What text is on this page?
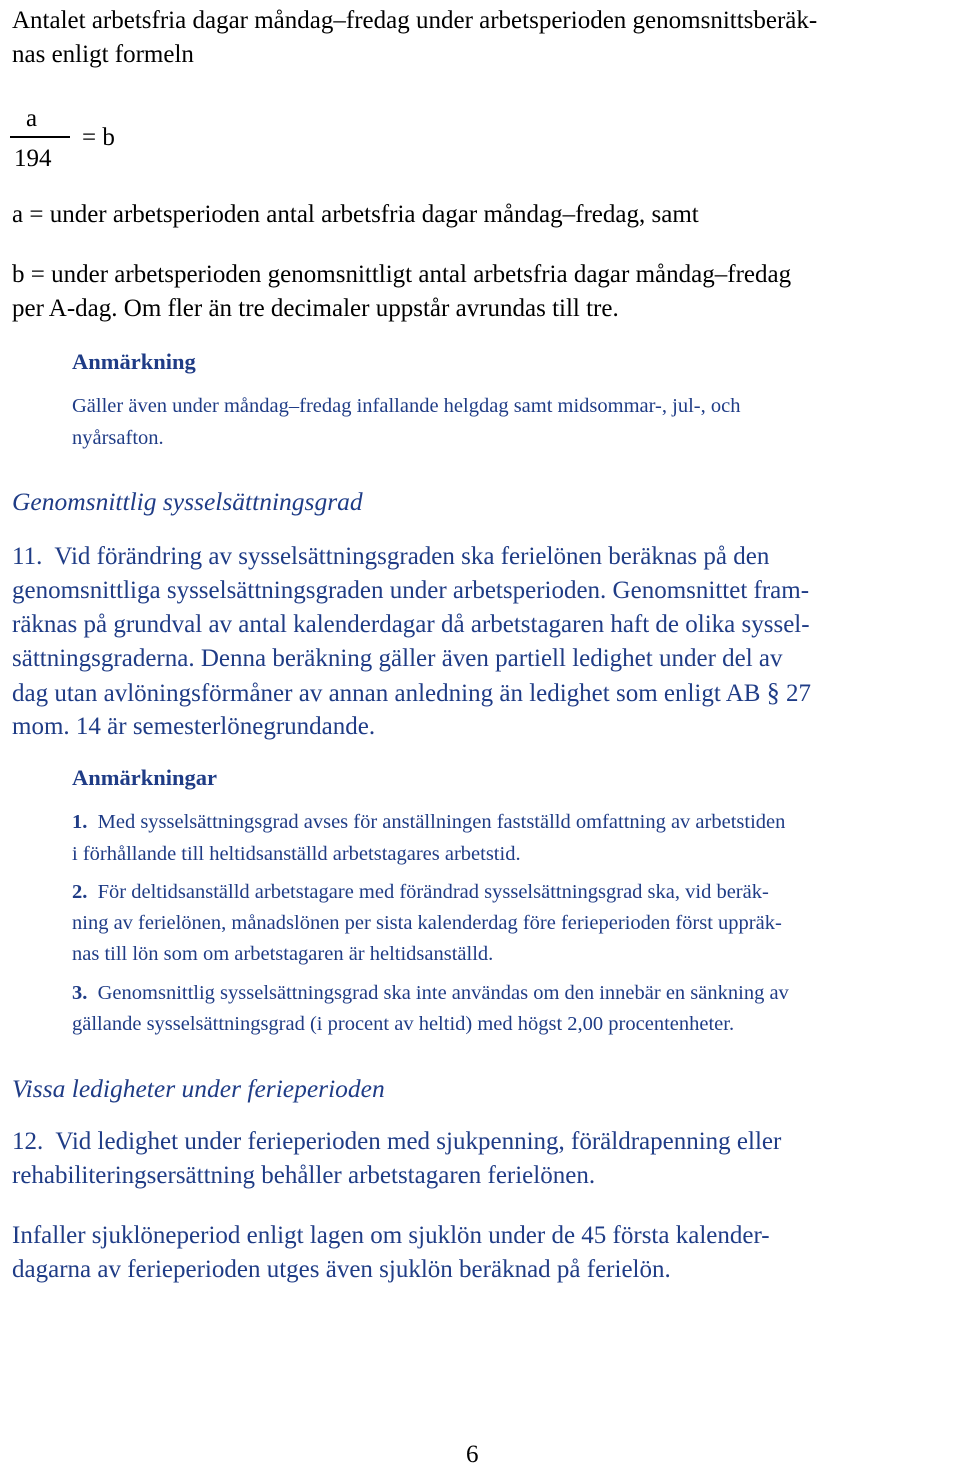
Antalet arbetsfria dagar måndag–fredag under arbetsperioden genomsnittsberäk-

nas enligt formeln

a
194
= b

a = under arbetsperioden antal arbetsfria dagar måndag–fredag, samt

b = under arbetsperioden genomsnittligt antal arbetsfria dagar måndag–fredag

per A-dag. Om fler än tre decimaler uppstår avrundas till tre.

Anmärkning

Gäller även under måndag–fredag infallande helgdag samt midsommar-, jul-, och

nyårsafton.

Genomsnittlig sysselsättningsgrad

11. Vid förändring av sysselsättningsgraden ska ferielönen beräknas på den

genomsnittliga sysselsättningsgraden under arbetsperioden. Genomsnittet fram-

räknas på grundval av antal kalenderdagar då arbetstagaren haft de olika syssel-

sättningsgraderna. Denna beräkning gäller även partiell ledighet under del av

dag utan avlöningsförmåner av annan anledning än ledighet som enligt AB § 27

mom. 14 är semesterlönegrundande.

Anmärkningar

1. Med sysselsättningsgrad avses för anställningen fastställd omfattning av arbetstiden

i förhållande till heltidsanställd arbetstagares arbetstid.

2. För deltidsanställd arbetstagare med förändrad sysselsättningsgrad ska, vid beräk-

ning av ferielönen, månadslönen per sista kalenderdag före ferieperioden först uppräk-

nas till lön som om arbetstagaren är heltidsanställd.

3. Genomsnittlig sysselsättningsgrad ska inte användas om den innebär en sänkning av

gällande sysselsättningsgrad (i procent av heltid) med högst 2,00 procentenheter.

Vissa ledigheter under ferieperioden

12. Vid ledighet under ferieperioden med sjukpenning, föräldrapenning eller

rehabiliteringsersättning behåller arbetstagaren ferielönen.

Infaller sjuklöneperiod enligt lagen om sjuklön under de 45 första kalender-

dagarna av ferieperioden utges även sjuklön beräknad på ferielön.

6
